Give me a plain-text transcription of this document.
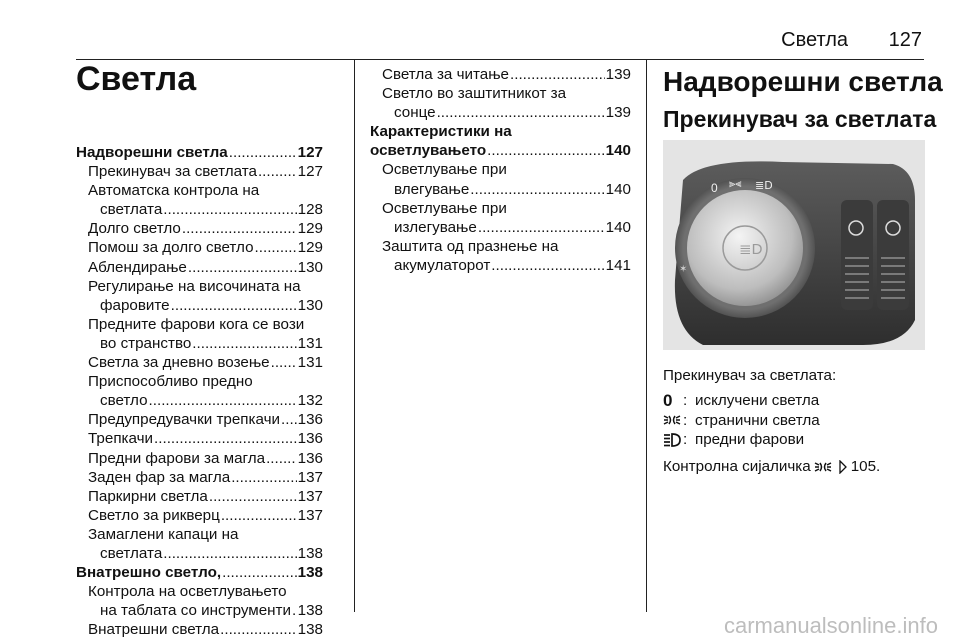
Светла 127
Светла
Надворешни светла .....	127
Прекинувач за светлата .....	127
Автоматска контрола на
светлата .....	128
Долго светло .....	129
Помош за долго светло .....	129
Абленди​рање .....	130
Регулирање на височината на
фаровите .....	130
Предните фарови кога се вози
во странство .....	131
Светла за дневно возење ..... 131
Приспособливо предно
светло .....	132
Предупредувачки трепкачи ..... 136
Трепкачи .....	136
Предни фарови за магла ..... 136
Заден фар за магла .....	137
Паркирни светла .....	137
Светло за рикверц .....	137
Замаглени капаци на
светлата .....	138
Внатрешно светло, .....	138
Контрола на осветлувањето
на таблата со инструменти ..... 138
Внатрешни светла .....	138
Светла за читање .....	139
Светло во заштитникот за
сонце .....	139
Карактеристики на
осветлувањето .....	140
Осветлување при
влегување .....	140
Осветлување при
излегување .....	140
Заштита од празнење на
акумулаторот .....	141
Надворешни светла
Прекинувач за светлата
≣D
0 ⫸⫷ ≣D
✶
Прекинувач за светлата:
0 : исклучени светла
: странични светла
: предни фарови
Контролна сијаличка	105.
carmanualsonline.info
